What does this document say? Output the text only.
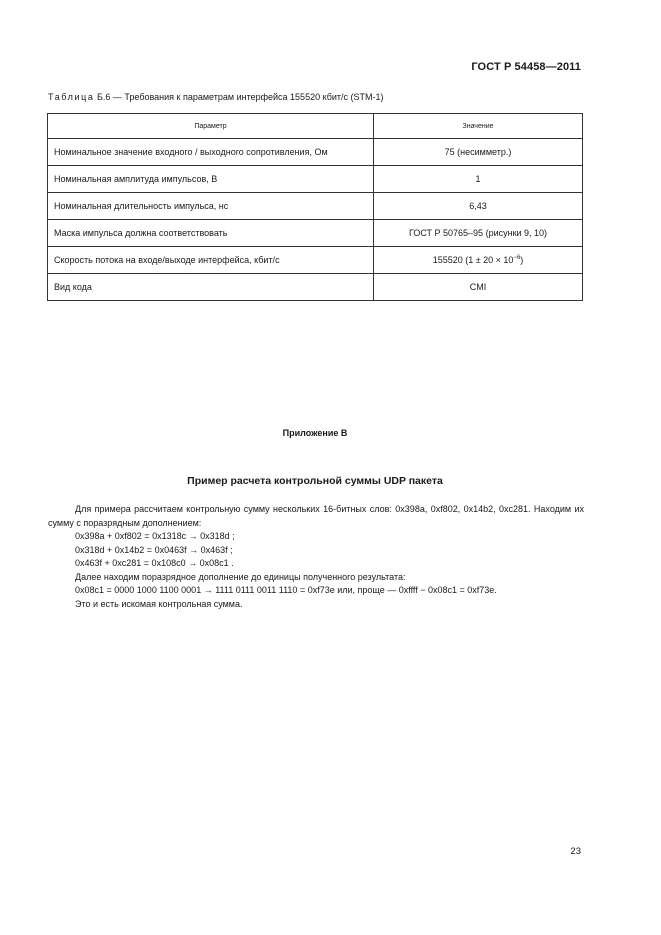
ГОСТ Р 54458—2011
Таблица Б.6 — Требования к параметрам интерфейса 155520 кбит/с (STM-1)
Параметр	Значение
Номинальное значение входного / выходного сопротивления, Ом	75 (несимметр.)
Номинальная амплитуда импульсов, В	1
Номинальная длительность импульса, нс	6,43
Маска импульса должна соответствовать	ГОСТ Р 50765–95 (рисунки 9, 10)
Скорость потока на входе/выходе интерфейса, кбит/с	155520 $(1 \pm 20 \times 10^{-6})$
Вид кода	CMI
Приложение В
Пример расчета контрольной суммы UDP пакета

Для примера рассчитаем контрольную сумму нескольких 16-битных слов: 0x398a, 0xf802, 0x14b2, 0xc281. Находим их сумму с поразрядным дополнением:

0x398a + 0xf802 = 0x1318c → 0x318d ;

0x318d + 0x14b2 = 0x0463f → 0x463f ;

0x463f + 0xc281 = 0x108c0 → 0x08c1 .

Далее находим поразрядное дополнение до единицы полученного результата:

0x08c1 = 0000 1000 1100 0001 → 1111 0111 0011 1110 = 0xf73e или, проще — 0xffff − 0x08c1 = 0xf73e.

Это и есть искомая контрольная сумма.

23
